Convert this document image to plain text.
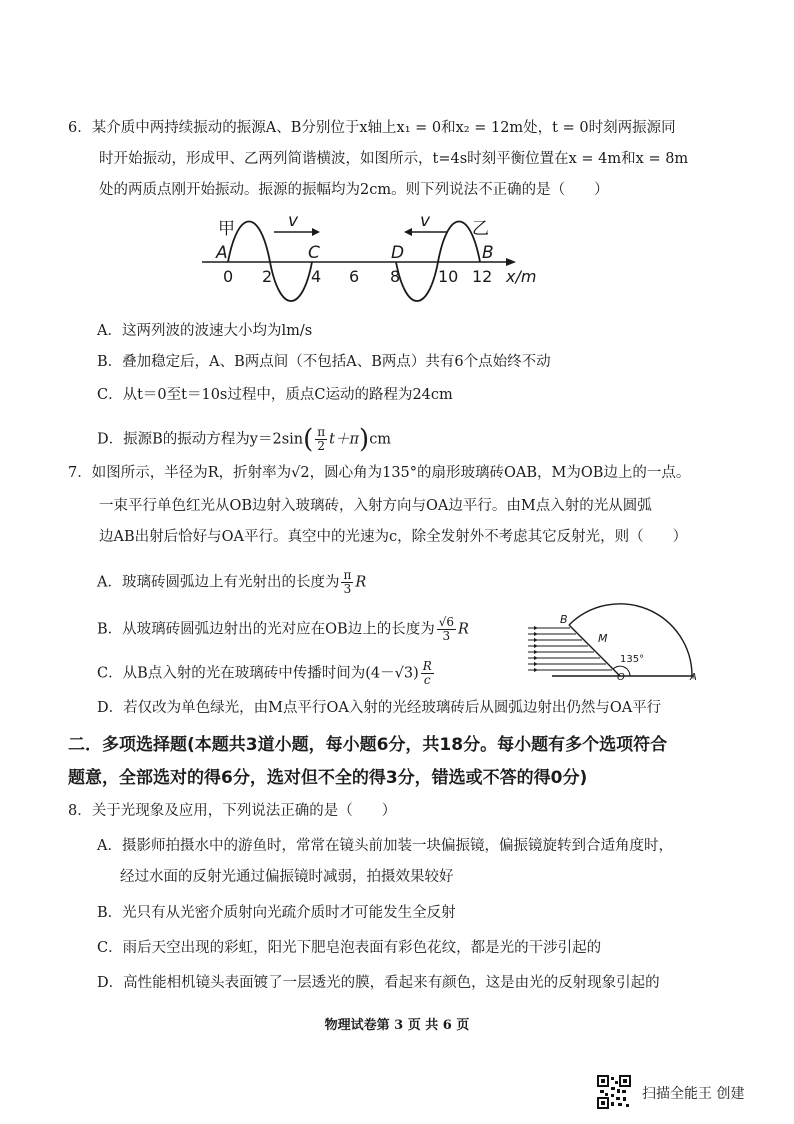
6．某介质中两持续振动的振源A、B分别位于x轴上x₁ = 0和x₂ = 12m处，t = 0时刻两振源同
时开始振动，形成甲、乙两列简谐横波，如图所示，t=4s时刻平衡位置在x = 4m和x = 8m
处的两质点刚开始振动。振源的振幅均为2cm。则下列说法不正确的是（　　）
v	v
甲	乙
A	C	D	B
0 2 4 6 8 10 12 x/m
A．这两列波的波速大小均为lm/s
B．叠加稳定后，A、B两点间（不包括A、B两点）共有6个点始终不动
C．从t＝0至t＝10s过程中，质点C运动的路程为24cm
D．振源B的振动方程为$y=2\sin( \frac{\pi}{2} t+\pi)cm$
7．如图所示，半径为R，折射率为√2，圆心角为135°的扇形玻璃砖OAB，M为OB边上的一点。
一束平行单色红光从OB边射入玻璃砖，入射方向与OA边平行。由M点入射的光从圆弧
边AB出射后恰好与OA平行。真空中的光速为c，除全发射外不考虑其它反射光，则（　　）
A．玻璃砖圆弧边上有光射出的长度为 $\frac{\pi}{3}$ R
B．从玻璃砖圆弧边射出的光对应在OB边上的长度为 $\frac{√6}{3}$ R
C．从B点入射的光在玻璃砖中传播时间为$(4-√3) \frac{R}{c}$
D．若仅改为单色绿光，由M点平行OA入射的光经玻璃砖后从圆弧边射出仍然与OA平行
B
M
135°
O	A
二．多项选择题(本题共3道小题，每小题6分，共18分。每小题有多个选项符合
题意，全部选对的得6分，选对但不全的得3分，错选或不答的得0分)
8．关于光现象及应用，下列说法正确的是（　　）
A．摄影师拍摄水中的游鱼时，常常在镜头前加装一块偏振镜，偏振镜旋转到合适角度时，
经过水面的反射光通过偏振镜时减弱，拍摄效果较好
B．光只有从光密介质射向光疏介质时才可能发生全反射
C．雨后天空出现的彩虹，阳光下肥皂泡表面有彩色花纹，都是光的干涉引起的
D．高性能相机镜头表面镀了一层透光的膜，看起来有颜色，这是由光的反射现象引起的
物理试卷第 3 页 共 6 页
扫描全能王 创建
